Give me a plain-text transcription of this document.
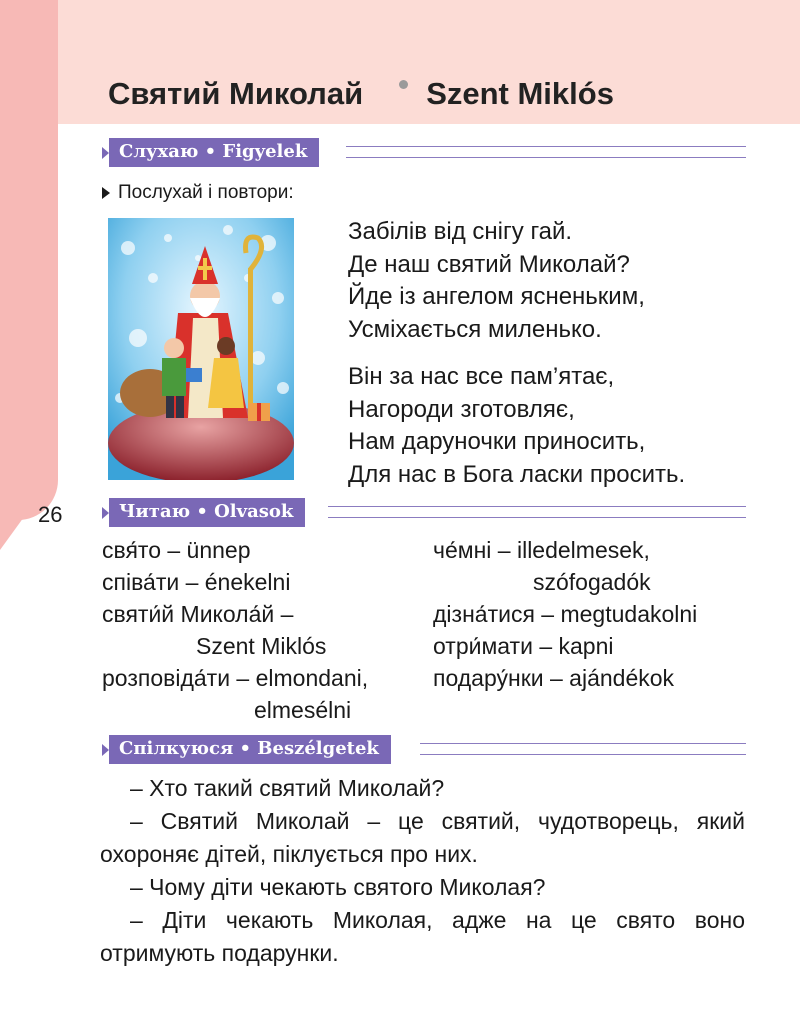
Святий Миколай Szent Miklós
Слухаю • Figyelek
Послухай і повтори:
Забілів від снігу гай.
Де наш святий Миколай?
Йде із ангелом ясненьким,
Усміхається миленько.
Він за нас все пам’ятає,
Нагороди зготовляє,
Нам даруночки приносить,
Для нас в Бога ласки просить.
26	Читаю • Olvasok
свя́то – ünnep
співа́ти – énekelni
святи́й Микола́й –
Szent Miklós
розповіда́ти – elmondani,
elmesélni
че́мні – illedelmesek,
szófogadók
дізна́тися – megtudakolni
отри́мати – kapni
подару́нки – ajándékok
Спілкуюся • Beszélgetek
– Хто такий святий Миколай?
– Святий Миколай – це святий, чудотворець, який охороняє дітей, піклується про них.
– Чому діти чекають святого Миколая?
– Діти чекають Миколая, адже на це свято воно отримують подарунки.
